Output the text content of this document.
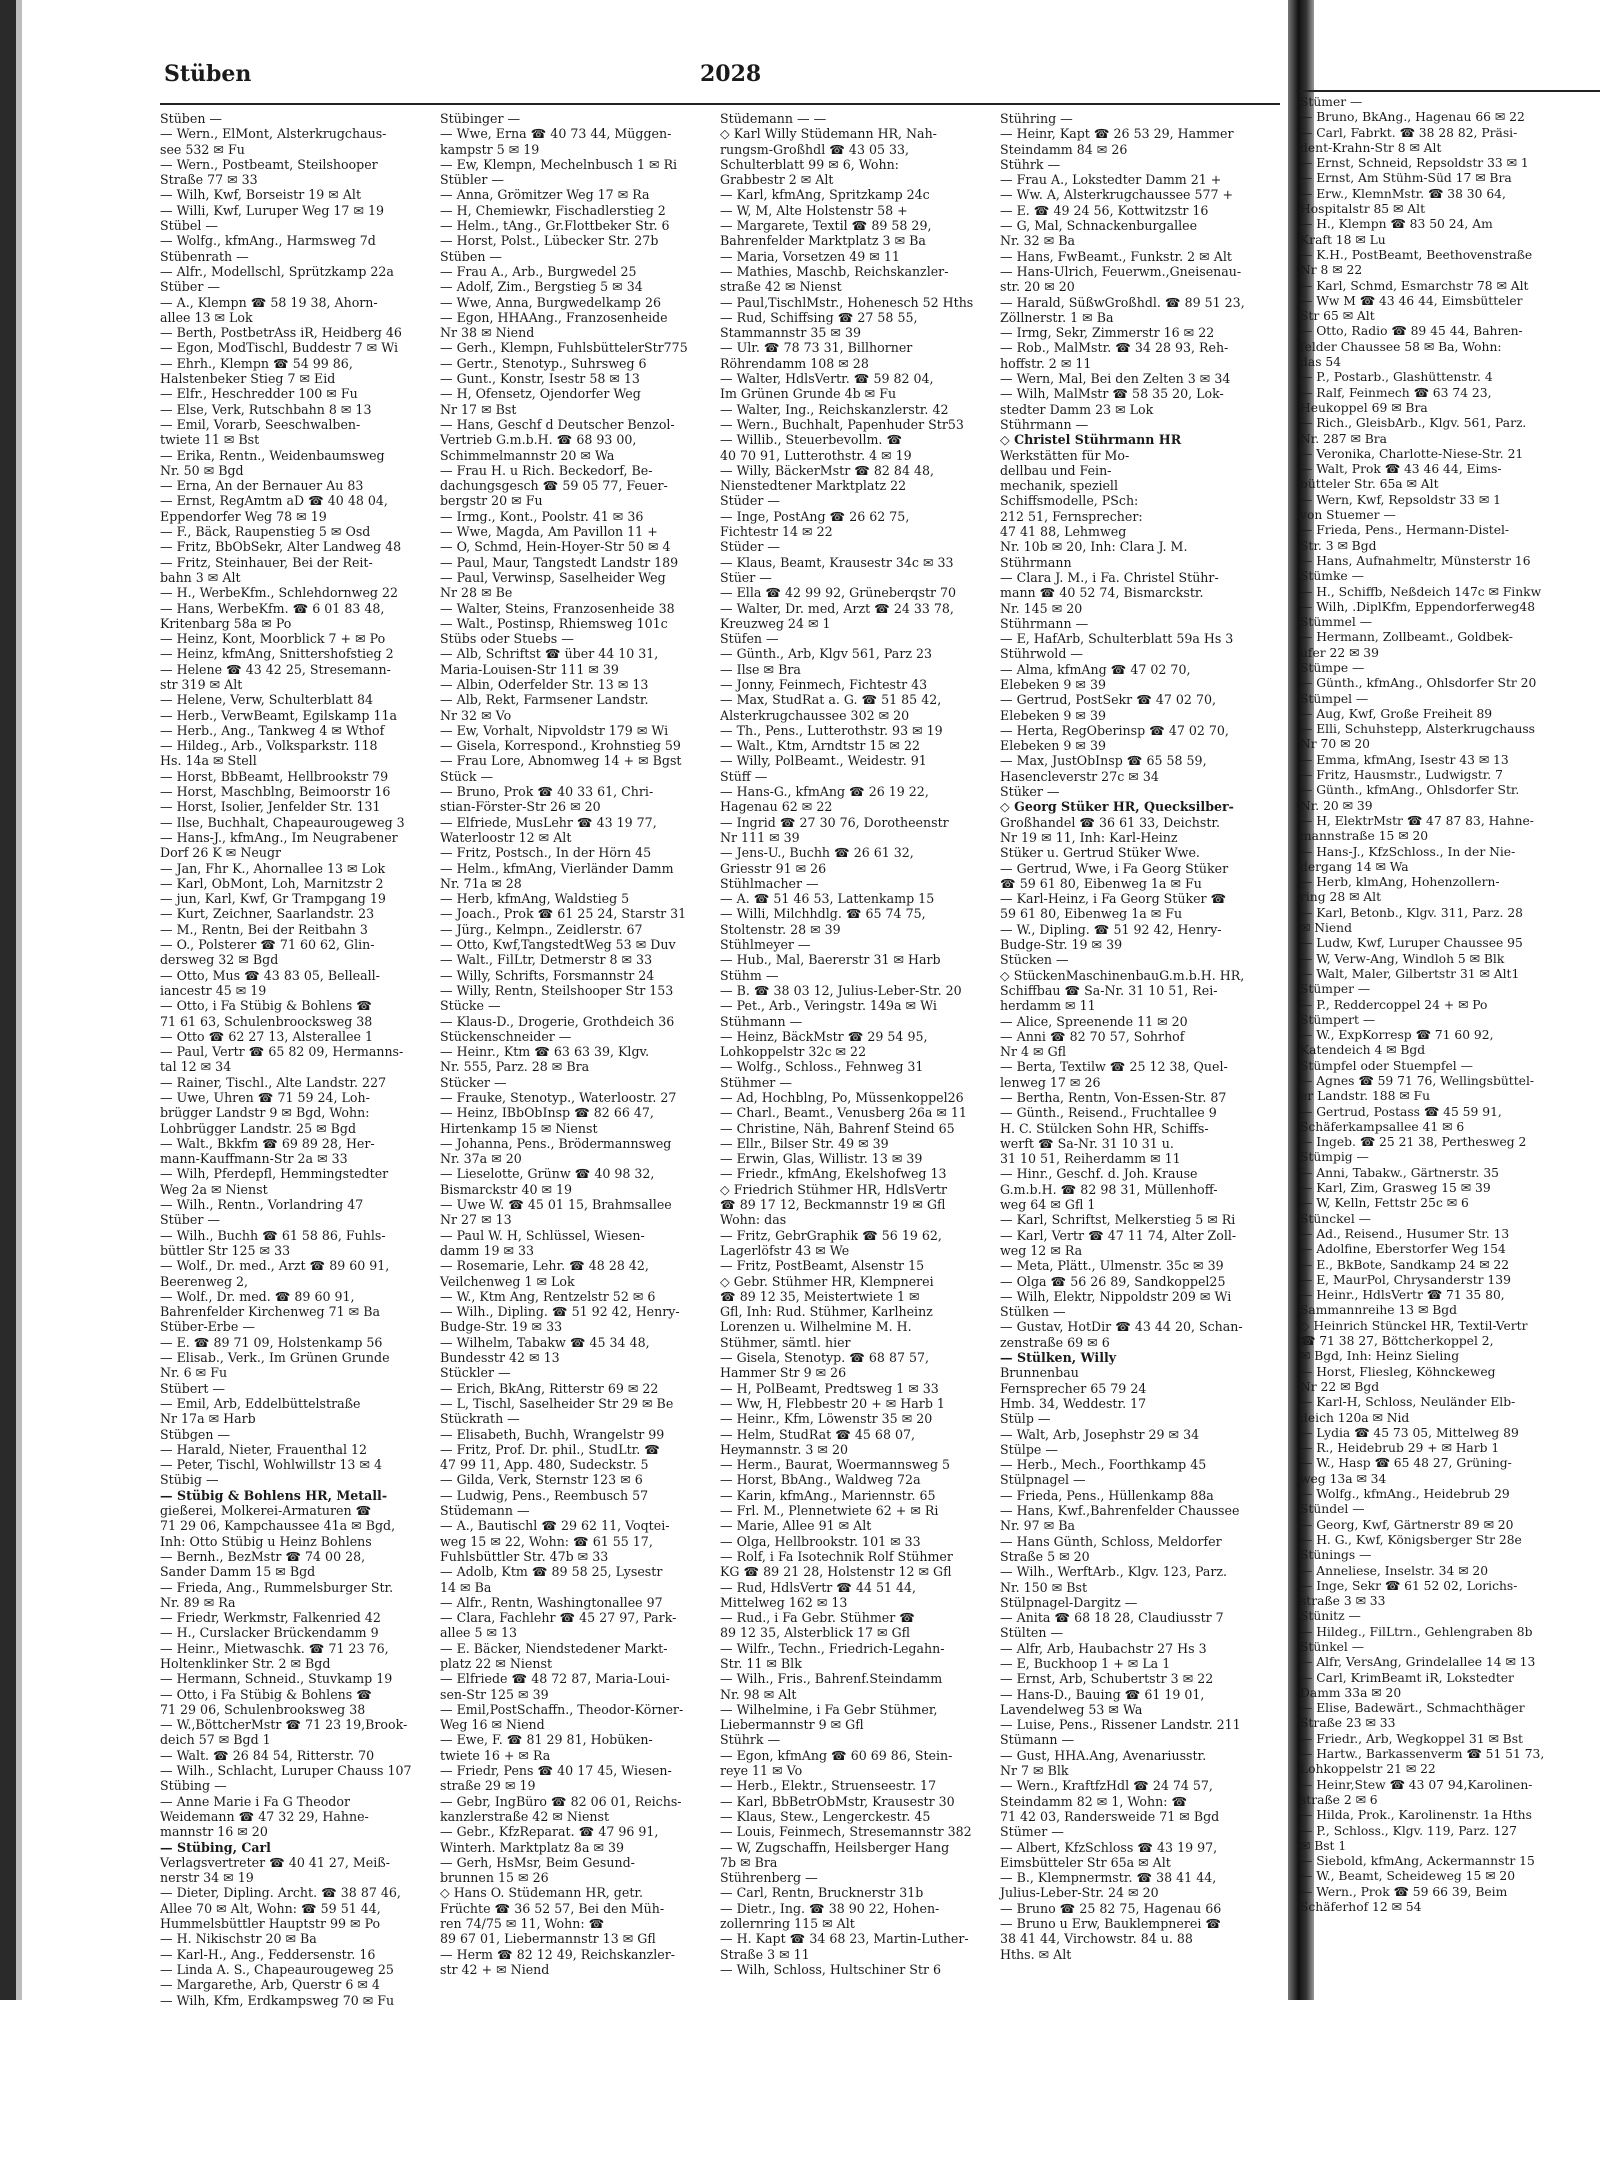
Stüben	2028
Stüben —
— Wern., ElMont, Alsterkrugchaus-
see 532 ✉ Fu
— Wern., Postbeamt, Steilshooper
Straße 77 ✉ 33
— Wilh, Kwf, Borseistr 19 ✉ Alt
— Willi, Kwf, Luruper Weg 17 ✉ 19
Stübel —
— Wolfg., kfmAng., Harmsweg 7d
Stübenrath —
— Alfr., Modellschl, Sprützkamp 22a
Stüber —
— A., Klempn ☎ 58 19 38, Ahorn-
allee 13 ✉ Lok
— Berth, PostbetrAss iR, Heidberg 46
— Egon, ModTischl, Buddestr 7 ✉ Wi
— Ehrh., Klempn ☎ 54 99 86,
Halstenbeker Stieg 7 ✉ Eid
— Elfr., Heschredder 100 ✉ Fu
— Else, Verk, Rutschbahn 8 ✉ 13
— Emil, Vorarb, Seeschwalben-
twiete 11 ✉ Bst
— Erika, Rentn., Weidenbaumsweg
Nr. 50 ✉ Bgd
— Erna, An der Bernauer Au 83
— Ernst, RegAmtm aD ☎ 40 48 04,
Eppendorfer Weg 78 ✉ 19
— F., Bäck, Raupenstieg 5 ✉ Osd
— Fritz, BbObSekr, Alter Landweg 48
— Fritz, Steinhauer, Bei der Reit-
bahn 3 ✉ Alt
— H., WerbeKfm., Schlehdornweg 22
— Hans, WerbeKfm. ☎ 6 01 83 48,
Kritenbarg 58a ✉ Po
— Heinz, Kont, Moorblick 7 + ✉ Po
— Heinz, kfmAng, Snittershofstieg 2
— Helene ☎ 43 42 25, Stresemann-
str 319 ✉ Alt
— Helene, Verw, Schulterblatt 84
— Herb., VerwBeamt, Egilskamp 11a
— Herb., Ang., Tankweg 4 ✉ Wthof
— Hildeg., Arb., Volksparkstr. 118
Hs. 14a ✉ Stell
— Horst, BbBeamt, Hellbrookstr 79
— Horst, Maschblng, Beimoorstr 16
— Horst, Isolier, Jenfelder Str. 131
— Ilse, Buchhalt, Chapeaurougeweg 3
— Hans-J., kfmAng., Im Neugrabener
Dorf 26 K ✉ Neugr
— Jan, Fhr K., Ahornallee 13 ✉ Lok
— Karl, ObMont, Loh, Marnitzstr 2
— jun, Karl, Kwf, Gr Trampgang 19
— Kurt, Zeichner, Saarlandstr. 23
— M., Rentn, Bei der Reitbahn 3
— O., Polsterer ☎ 71 60 62, Glin-
dersweg 32 ✉ Bgd
— Otto, Mus ☎ 43 83 05, Belleall-
iancestr 45 ✉ 19
— Otto, i Fa Stübig & Bohlens ☎
71 61 63, Schulenbroocksweg 38
— Otto ☎ 62 27 13, Alsterallee 1
— Paul, Vertr ☎ 65 82 09, Hermanns-
tal 12 ✉ 34
— Rainer, Tischl., Alte Landstr. 227
— Uwe, Uhren ☎ 71 59 24, Loh-
brügger Landstr 9 ✉ Bgd, Wohn:
Lohbrügger Landstr. 25 ✉ Bgd
— Walt., Bkkfm ☎ 69 89 28, Her-
mann-Kauffmann-Str 2a ✉ 33
— Wilh, Pferdepfl, Hemmingstedter
Weg 2a ✉ Nienst
— Wilh., Rentn., Vorlandring 47
Stüber —
— Wilh., Buchh ☎ 61 58 86, Fuhls-
büttler Str 125 ✉ 33
— Wolf., Dr. med., Arzt ☎ 89 60 91,
Beerenweg 2,
— Wolf., Dr. med. ☎ 89 60 91,
Bahrenfelder Kirchenweg 71 ✉ Ba
Stüber-Erbe —
— E. ☎ 89 71 09, Holstenkamp 56
— Elisab., Verk., Im Grünen Grunde
Nr. 6 ✉ Fu
Stübert —
— Emil, Arb, Eddelbüttelstraße
Nr 17a ✉ Harb
Stübgen —
— Harald, Nieter, Frauenthal 12
— Peter, Tischl, Wohlwillstr 13 ✉ 4
Stübig —
— Stübig & Bohlens HR, Metall-
gießerei, Molkerei-Armaturen ☎
71 29 06, Kampchaussee 41a ✉ Bgd,
Inh: Otto Stübig u Heinz Bohlens
— Bernh., BezMstr ☎ 74 00 28,
Sander Damm 15 ✉ Bgd
— Frieda, Ang., Rummelsburger Str.
Nr. 89 ✉ Ra
— Friedr, Werkmstr, Falkenried 42
— H., Curslacker Brückendamm 9
— Heinr., Mietwaschk. ☎ 71 23 76,
Holtenklinker Str. 2 ✉ Bgd
— Hermann, Schneid., Stuvkamp 19
— Otto, i Fa Stübig & Bohlens ☎
71 29 06, Schulenbrooksweg 38
— W.,BöttcherMstr ☎ 71 23 19,Brook-
deich 57 ✉ Bgd 1
— Walt. ☎ 26 84 54, Ritterstr. 70
— Wilh., Schlacht, Luruper Chauss 107
Stübing —
— Anne Marie i Fa G Theodor
Weidemann ☎ 47 32 29, Hahne-
mannstr 16 ✉ 20
— Stübing, Carl
Verlagsvertreter ☎ 40 41 27, Meiß-
nerstr 34 ✉ 19
— Dieter, Dipling. Archt. ☎ 38 87 46,
Allee 70 ✉ Alt, Wohn: ☎ 59 51 44,
Hummelsbüttler Hauptstr 99 ✉ Po
— H. Nikischstr 20 ✉ Ba
— Karl-H., Ang., Feddersenstr. 16
— Linda A. S., Chapeaurougeweg 25
— Margarethe, Arb, Querstr 6 ✉ 4
— Wilh, Kfm, Erdkampsweg 70 ✉ Fu
Stübinger —
— Wwe, Erna ☎ 40 73 44, Müggen-
kampstr 5 ✉ 19
— Ew, Klempn, Mechelnbusch 1 ✉ Ri
Stübler —
— Anna, Grömitzer Weg 17 ✉ Ra
— H, Chemiewkr, Fischadlerstieg 2
— Helm., tAng., Gr.Flottbeker Str. 6
— Horst, Polst., Lübecker Str. 27b
Stüben —
— Frau A., Arb., Burgwedel 25
— Adolf, Zim., Bergstieg 5 ✉ 34
— Wwe, Anna, Burgwedelkamp 26
— Egon, HHAAng., Franzosenheide
Nr 38 ✉ Niend
— Gerh., Klempn, FuhlsbüttelerStr775
— Gertr., Stenotyp., Suhrsweg 6
— Gunt., Konstr, Isestr 58 ✉ 13
— H, Ofensetz, Ojendorfer Weg
Nr 17 ✉ Bst
— Hans, Geschf d Deutscher Benzol-
Vertrieb G.m.b.H. ☎ 68 93 00,
Schimmelmannstr 20 ✉ Wa
— Frau H. u Rich. Beckedorf, Be-
dachungsgesch ☎ 59 05 77, Feuer-
bergstr 20 ✉ Fu
— Irmg., Kont., Poolstr. 41 ✉ 36
— Wwe, Magda, Am Pavillon 11 +
— O, Schmd, Hein-Hoyer-Str 50 ✉ 4
— Paul, Maur, Tangstedt Landstr 189
— Paul, Verwinsp, Saselheider Weg
Nr 28 ✉ Be
— Walter, Steins, Franzosenheide 38
— Walt., Postinsp, Rhiemsweg 101c
Stübs oder Stuebs —
— Alb, Schriftst ☎ über 44 10 31,
Maria-Louisen-Str 111 ✉ 39
— Albin, Oderfelder Str. 13 ✉ 13
— Alb, Rekt, Farmsener Landstr.
Nr 32 ✉ Vo
— Ew, Vorhalt, Nipvoldstr 179 ✉ Wi
— Gisela, Korrespond., Krohnstieg 59
— Frau Lore, Abnomweg 14 + ✉ Bgst
Stück —
— Bruno, Prok ☎ 40 33 61, Chri-
stian-Förster-Str 26 ✉ 20
— Elfriede, MusLehr ☎ 43 19 77,
Waterloostr 12 ✉ Alt
— Fritz, Postsch., In der Hörn 45
— Helm., kfmAng, Vierländer Damm
Nr. 71a ✉ 28
— Herb, kfmAng, Waldstieg 5
— Joach., Prok ☎ 61 25 24, Starstr 31
— Jürg., Kelmpn., Zeidlerstr. 67
— Otto, Kwf,TangstedtWeg 53 ✉ Duv
— Walt., FilLtr, Detmerstr 8 ✉ 33
— Willy, Schrifts, Forsmannstr 24
— Willy, Rentn, Steilshooper Str 153
Stücke —
— Klaus-D., Drogerie, Grothdeich 36
Stückenschneider —
— Heinr., Ktm ☎ 63 63 39, Klgv.
Nr. 555, Parz. 28 ✉ Bra
Stücker —
— Frauke, Stenotyp., Waterloostr. 27
— Heinz, IBbObInsp ☎ 82 66 47,
Hirtenkamp 15 ✉ Nienst
— Johanna, Pens., Brödermannsweg
Nr. 37a ✉ 20
— Lieselotte, Grünw ☎ 40 98 32,
Bismarckstr 40 ✉ 19
— Uwe W. ☎ 45 01 15, Brahmsallee
Nr 27 ✉ 13
— Paul W. H, Schlüssel, Wiesen-
damm 19 ✉ 33
— Rosemarie, Lehr. ☎ 48 28 42,
Veilchenweg 1 ✉ Lok
— W., Ktm Ang, Rentzelstr 52 ✉ 6
— Wilh., Dipling. ☎ 51 92 42, Henry-
Budge-Str. 19 ✉ 33
— Wilhelm, Tabakw ☎ 45 34 48,
Bundesstr 42 ✉ 13
Stückler —
— Erich, BkAng, Ritterstr 69 ✉ 22
— L, Tischl, Saselheider Str 29 ✉ Be
Stückrath —
— Elisabeth, Buchh, Wrangelstr 99
— Fritz, Prof. Dr. phil., StudLtr. ☎
47 99 11, App. 480, Sudeckstr. 5
— Gilda, Verk, Sternstr 123 ✉ 6
— Ludwig, Pens., Reembusch 57
Stüdemann —
— A., Bautischl ☎ 29 62 11, Voqtei-
weg 15 ✉ 22, Wohn: ☎ 61 55 17,
Fuhlsbüttler Str. 47b ✉ 33
— Adolb, Ktm ☎ 89 58 25, Lysestr
14 ✉ Ba
— Alfr., Rentn, Washingtonallee 97
— Clara, Fachlehr ☎ 45 27 97, Park-
allee 5 ✉ 13
— E. Bäcker, Niendstedener Markt-
platz 22 ✉ Nienst
— Elfriede ☎ 48 72 87, Maria-Loui-
sen-Str 125 ✉ 39
— Emil,PostSchaffn., Theodor-Körner-
Weg 16 ✉ Niend
— Ewe, F. ☎ 81 29 81, Hobüken-
twiete 16 + ✉ Ra
— Friedr, Pens ☎ 40 17 45, Wiesen-
straße 29 ✉ 19
— Gebr, IngBüro ☎ 82 06 01, Reichs-
kanzlerstraße 42 ✉ Nienst
— Gebr., KfzReparat. ☎ 47 96 91,
Winterh. Marktplatz 8a ✉ 39
— Gerh, HsMsr, Beim Gesund-
brunnen 15 ✉ 26
◇ Hans O. Stüdemann HR, getr.
Früchte ☎ 36 52 57, Bei den Müh-
ren 74/75 ✉ 11, Wohn: ☎
89 67 01, Liebermannstr 13 ✉ Gfl
— Herm ☎ 82 12 49, Reichskanzler-
str 42 + ✉ Niend
Stüdemann — —
◇ Karl Willy Stüdemann HR, Nah-
rungsm-Großhdl ☎ 43 05 33,
Schulterblatt 99 ✉ 6, Wohn:
Grabbestr 2 ✉ Alt
— Karl, kfmAng, Spritzkamp 24c
— W, M, Alte Holstenstr 58 +
— Margarete, Textil ☎ 89 58 29,
Bahrenfelder Marktplatz 3 ✉ Ba
— Maria, Vorsetzen 49 ✉ 11
— Mathies, Maschb, Reichskanzler-
straße 42 ✉ Nienst
— Paul,TischlMstr., Hohenesch 52 Hths
— Rud, Schiffsing ☎ 27 58 55,
Stammannstr 35 ✉ 39
— Ulr. ☎ 78 73 31, Billhorner
Röhrendamm 108 ✉ 28
— Walter, HdlsVertr. ☎ 59 82 04,
Im Grünen Grunde 4b ✉ Fu
— Walter, Ing., Reichskanzlerstr. 42
— Wern., Buchhalt, Papenhuder Str53
— Willib., Steuerbevollm. ☎
40 70 91, Lutterothstr. 4 ✉ 19
— Willy, BäckerMstr ☎ 82 84 48,
Nienstedtener Marktplatz 22
Stüder —
— Inge, PostAng ☎ 26 62 75,
Fichtestr 14 ✉ 22
Stüder —
— Klaus, Beamt, Krausestr 34c ✉ 33
Stüer —
— Ella ☎ 42 99 92, Grüneberqstr 70
— Walter, Dr. med, Arzt ☎ 24 33 78,
Kreuzweg 24 ✉ 1
Stüfen —
— Günth., Arb, Klgv 561, Parz 23
— Ilse ✉ Bra
— Jonny, Feinmech, Fichtestr 43
— Max, StudRat a. G. ☎ 51 85 42,
Alsterkrugchaussee 302 ✉ 20
— Th., Pens., Lutterothstr. 93 ✉ 19
— Walt., Ktm, Arndtstr 15 ✉ 22
— Willy, PolBeamt., Weidestr. 91
Stüff —
— Hans-G., kfmAng ☎ 26 19 22,
Hagenau 62 ✉ 22
— Ingrid ☎ 27 30 76, Dorotheenstr
Nr 111 ✉ 39
— Jens-U., Buchh ☎ 26 61 32,
Griesstr 91 ✉ 26
Stühlmacher —
— A. ☎ 51 46 53, Lattenkamp 15
— Willi, Milchhdlg. ☎ 65 74 75,
Stoltenstr. 28 ✉ 39
Stühlmeyer —
— Hub., Mal, Baererstr 31 ✉ Harb
Stühm —
— B. ☎ 38 03 12, Julius-Leber-Str. 20
— Pet., Arb., Veringstr. 149a ✉ Wi
Stühmann —
— Heinz, BäckMstr ☎ 29 54 95,
Lohkoppelstr 32c ✉ 22
— Wolfg., Schloss., Fehnweg 31
Stühmer —
— Ad, Hochblng, Po, Müssenkoppel26
— Charl., Beamt., Venusberg 26a ✉ 11
— Christine, Näh, Bahrenf Steind 65
— Ellr., Bilser Str. 49 ✉ 39
— Erwin, Glas, Willistr. 13 ✉ 39
— Friedr., kfmAng, Ekelshofweg 13
◇ Friedrich Stühmer HR, HdlsVertr
☎ 89 17 12, Beckmannstr 19 ✉ Gfl
Wohn: das
— Fritz, GebrGraphik ☎ 56 19 62,
Lagerlöfstr 43 ✉ We
— Fritz, PostBeamt, Alsenstr 15
◇ Gebr. Stühmer HR, Klempnerei
☎ 89 12 35, Meistertwiete 1 ✉
Gfl, Inh: Rud. Stühmer, Karlheinz
Lorenzen u. Wilhelmine M. H.
Stühmer, sämtl. hier
— Gisela, Stenotyp. ☎ 68 87 57,
Hammer Str 9 ✉ 26
— H, PolBeamt, Predtsweg 1 ✉ 33
— Ww, H, Flebbestr 20 + ✉ Harb 1
— Heinr., Kfm, Löwenstr 35 ✉ 20
— Helm, StudRat ☎ 45 68 07,
Heymannstr. 3 ✉ 20
— Herm., Baurat, Woermannsweg 5
— Horst, BbAng., Waldweg 72a
— Karin, kfmAng., Mariennstr. 65
— Frl. M., Plennetwiete 62 + ✉ Ri
— Marie, Allee 91 ✉ Alt
— Olga, Hellbrookstr. 101 ✉ 33
— Rolf, i Fa Isotechnik Rolf Stühmer
KG ☎ 89 21 28, Holstenstr 12 ✉ Gfl
— Rud, HdlsVertr ☎ 44 51 44,
Mittelweg 162 ✉ 13
— Rud., i Fa Gebr. Stühmer ☎
89 12 35, Alsterblick 17 ✉ Gfl
— Wilfr., Techn., Friedrich-Legahn-
Str. 11 ✉ Blk
— Wilh., Fris., Bahrenf.Steindamm
Nr. 98 ✉ Alt
— Wilhelmine, i Fa Gebr Stühmer,
Liebermannstr 9 ✉ Gfl
Stührk —
— Egon, kfmAng ☎ 60 69 86, Stein-
reye 11 ✉ Vo
— Herb., Elektr., Struenseestr. 17
— Karl, BbBetrObMstr, Krausestr 30
— Klaus, Stew., Lengerckestr. 45
— Louis, Feinmech, Stresemannstr 382
— W, Zugschaffn, Heilsberger Hang
7b ✉ Bra
Stührenberg —
— Carl, Rentn, Brucknerstr 31b
— Dietr., Ing. ☎ 38 90 22, Hohen-
zollernring 115 ✉ Alt
— H. Kapt ☎ 34 68 23, Martin-Luther-
Straße 3 ✉ 11
— Wilh, Schloss, Hultschiner Str 6
Stühring —
— Heinr, Kapt ☎ 26 53 29, Hammer
Steindamm 84 ✉ 26
Stührk —
— Frau A., Lokstedter Damm 21 +
— Ww. A, Alsterkrugchaussee 577 +
— E. ☎ 49 24 56, Kottwitzstr 16
— G, Mal, Schnackenburgallee
Nr. 32 ✉ Ba
— Hans, FwBeamt., Funkstr. 2 ✉ Alt
— Hans-Ulrich, Feuerwm.,Gneisenau-
str. 20 ✉ 20
— Harald, SüßwGroßhdl. ☎ 89 51 23,
Zöllnerstr. 1 ✉ Ba
— Irmg, Sekr, Zimmerstr 16 ✉ 22
— Rob., MalMstr. ☎ 34 28 93, Reh-
hoffstr. 2 ✉ 11
— Wern, Mal, Bei den Zelten 3 ✉ 34
— Wilh, MalMstr ☎ 58 35 20, Lok-
stedter Damm 23 ✉ Lok
Stührmann —
◇ Christel Stührmann HR
Werkstätten für Mo-
dellbau und Fein-
mechanik, speziell
Schiffsmodelle, PSch:
212 51, Fernsprecher:
47 41 88, Lehmweg
Nr. 10b ✉ 20, Inh: Clara J. M.
Stührmann
— Clara J. M., i Fa. Christel Stühr-
mann ☎ 40 52 74, Bismarckstr.
Nr. 145 ✉ 20
Stührmann —
— E, HafArb, Schulterblatt 59a Hs 3
Stührwold —
— Alma, kfmAng ☎ 47 02 70,
Elebeken 9 ✉ 39
— Gertrud, PostSekr ☎ 47 02 70,
Elebeken 9 ✉ 39
— Herta, RegOberinsp ☎ 47 02 70,
Elebeken 9 ✉ 39
— Max, JustObInsp ☎ 65 58 59,
Hasencleverstr 27c ✉ 34
Stüker —
◇ Georg Stüker HR, Quecksilber-
Großhandel ☎ 36 61 33, Deichstr.
Nr 19 ✉ 11, Inh: Karl-Heinz
Stüker u. Gertrud Stüker Wwe.
— Gertrud, Wwe, i Fa Georg Stüker
☎ 59 61 80, Eibenweg 1a ✉ Fu
— Karl-Heinz, i Fa Georg Stüker ☎
59 61 80, Eibenweg 1a ✉ Fu
— W., Dipling. ☎ 51 92 42, Henry-
Budge-Str. 19 ✉ 39
Stücken —
◇ StückenMaschinenbauG.m.b.H. HR,
Schiffbau ☎ Sa-Nr. 31 10 51, Rei-
herdamm ✉ 11
— Alice, Spreenende 11 ✉ 20
— Anni ☎ 82 70 57, Sohrhof
Nr 4 ✉ Gfl
— Berta, Textilw ☎ 25 12 38, Quel-
lenweg 17 ✉ 26
— Bertha, Rentn, Von-Essen-Str. 87
— Günth., Reisend., Fruchtallee 9
H. C. Stülcken Sohn HR, Schiffs-
werft ☎ Sa-Nr. 31 10 31 u.
31 10 51, Reiherdamm ✉ 11
— Hinr., Geschf. d. Joh. Krause
G.m.b.H. ☎ 82 98 31, Müllenhoff-
weg 64 ✉ Gfl 1
— Karl, Schriftst, Melkerstieg 5 ✉ Ri
— Karl, Vertr ☎ 47 11 74, Alter Zoll-
weg 12 ✉ Ra
— Meta, Plätt., Ulmenstr. 35c ✉ 39
— Olga ☎ 56 26 89, Sandkoppel25
— Wilh, Elektr, Nippoldstr 209 ✉ Wi
Stülken —
— Gustav, HotDir ☎ 43 44 20, Schan-
zenstraße 69 ✉ 6
— Stülken, Willy
Brunnenbau
Fernsprecher 65 79 24
Hmb. 34, Weddestr. 17
Stülp —
— Walt, Arb, Josephstr 29 ✉ 34
Stülpe —
— Herb., Mech., Foorthkamp 45
Stülpnagel —
— Frieda, Pens., Hüllenkamp 88a
— Hans, Kwf.,Bahrenfelder Chaussee
Nr. 97 ✉ Ba
— Hans Günth, Schloss, Meldorfer
Straße 5 ✉ 20
— Wilh., WerftArb., Klgv. 123, Parz.
Nr. 150 ✉ Bst
Stülpnagel-Dargitz —
— Anita ☎ 68 18 28, Claudiusstr 7
Stülten —
— Alfr, Arb, Haubachstr 27 Hs 3
— E, Buckhoop 1 + ✉ La 1
— Ernst, Arb, Schubertstr 3 ✉ 22
— Hans-D., Bauing ☎ 61 19 01,
Lavendelweg 53 ✉ Wa
— Luise, Pens., Rissener Landstr. 211
Stümann —
— Gust, HHA.Ang, Avenariusstr.
Nr 7 ✉ Blk
— Wern., KraftfzHdl ☎ 24 74 57,
Steindamm 82 ✉ 1, Wohn: ☎
71 42 03, Randersweide 71 ✉ Bgd
Stümer —
— Albert, KfzSchloss ☎ 43 19 97,
Eimsbütteler Str 65a ✉ Alt
— B., Klempnermstr. ☎ 38 41 44,
Julius-Leber-Str. 24 ✉ 20
— Bruno ☎ 25 82 75, Hagenau 66
— Bruno u Erw, Bauklempnerei ☎
38 41 44, Virchowstr. 84 u. 88
Hths. ✉ Alt
Stümer —
— Bruno, BkAng., Hagenau 66 ✉ 22
— Carl, Fabrkt. ☎ 38 28 82, Präsi-
dent-Krahn-Str 8 ✉ Alt
— Ernst, Schneid, Repsoldstr 33 ✉ 1
— Ernst, Am Stühm-Süd 17 ✉ Bra
— Erw., KlemnMstr. ☎ 38 30 64,
Hospitalstr 85 ✉ Alt
— H., Klempn ☎ 83 50 24, Am
Kraft 18 ✉ Lu
— K.H., PostBeamt, Beethovenstraße
Nr 8 ✉ 22
— Karl, Schmd, Esmarchstr 78 ✉ Alt
— Ww M ☎ 43 46 44, Eimsbütteler
Str 65 ✉ Alt
— Otto, Radio ☎ 89 45 44, Bahren-
felder Chaussee 58 ✉ Ba, Wohn:
das 54
— P., Postarb., Glashüttenstr. 4
— Ralf, Feinmech ☎ 63 74 23,
Heukoppel 69 ✉ Bra
— Rich., GleisbArb., Klgv. 561, Parz.
Nr. 287 ✉ Bra
— Veronika, Charlotte-Niese-Str. 21
— Walt, Prok ☎ 43 46 44, Eims-
bütteler Str. 65a ✉ Alt
— Wern, Kwf, Repsoldstr 33 ✉ 1
von Stuemer —
— Frieda, Pens., Hermann-Distel-
Str. 3 ✉ Bgd
— Hans, Aufnahmeltr, Münsterstr 16
Stümke —
— H., Schiffb, Neßdeich 147c ✉ Finkw
— Wilh, .DiplKfm, Eppendorferweg48
Stümmel —
— Hermann, Zollbeamt., Goldbek-
ufer 22 ✉ 39
Stümpe —
— Günth., kfmAng., Ohlsdorfer Str 20
Stümpel —
— Aug, Kwf, Große Freiheit 89
— Elli, Schuhstepp, Alsterkrugchauss
Nr 70 ✉ 20
— Emma, kfmAng, Isestr 43 ✉ 13
— Fritz, Hausmstr., Ludwigstr. 7
— Günth., kfmAng., Ohlsdorfer Str.
Nr. 20 ✉ 39
— H, ElektrMstr ☎ 47 87 83, Hahne-
mannstraße 15 ✉ 20
— Hans-J., KfzSchloss., In der Nie-
dergang 14 ✉ Wa
— Herb, klmAng, Hohenzollern-
ring 28 ✉ Alt
— Karl, Betonb., Klgv. 311, Parz. 28
✉ Niend
— Ludw, Kwf, Luruper Chaussee 95
— W, Verw-Ang, Windloh 5 ✉ Blk
— Walt, Maler, Gilbertstr 31 ✉ Alt1
Stümper —
— P., Reddercoppel 24 + ✉ Po
Stümpert —
— W., ExpKorresp ☎ 71 60 92,
Katendeich 4 ✉ Bgd
Stümpfel oder Stuempfel —
— Agnes ☎ 59 71 76, Wellingsbüttel-
er Landstr. 188 ✉ Fu
— Gertrud, Postass ☎ 45 59 91,
Schäferkampsallee 41 ✉ 6
— Ingeb. ☎ 25 21 38, Perthesweg 2
Stümpig —
— Anni, Tabakw., Gärtnerstr. 35
— Karl, Zim, Grasweg 15 ✉ 39
— W, Kelln, Fettstr 25c ✉ 6
Stünckel —
— Ad., Reisend., Husumer Str. 13
— Adolfine, Eberstorfer Weg 154
— E., BkBote, Sandkamp 24 ✉ 22
— E, MaurPol, Chrysanderstr 139
— Heinr., HdlsVertr ☎ 71 35 80,
Sammannreihe 13 ✉ Bgd
◇ Heinrich Stünckel HR, Textil-Vertr
☎ 71 38 27, Böttcherkoppel 2,
✉ Bgd, Inh: Heinz Sieling
— Horst, Fliesleg, Köhnckeweg
Nr 22 ✉ Bgd
— Karl-H, Schloss, Neuländer Elb-
deich 120a ✉ Nid
— Lydia ☎ 45 73 05, Mittelweg 89
— R., Heidebrub 29 + ✉ Harb 1
— W., Hasp ☎ 65 48 27, Grüning-
weg 13a ✉ 34
— Wolfg., kfmAng., Heidebrub 29
Stündel —
— Georg, Kwf, Gärtnerstr 89 ✉ 20
— H. G., Kwf, Königsberger Str 28e
Stünings —
— Anneliese, Inselstr. 34 ✉ 20
— Inge, Sekr ☎ 61 52 02, Lorichs-
straße 3 ✉ 33
Stünitz —
— Hildeg., FilLtrn., Gehlengraben 8b
Stünkel —
— Alfr, VersAng, Grindelallee 14 ✉ 13
— Carl, KrimBeamt iR, Lokstedter
Damm 33a ✉ 20
— Elise, Badewärt., Schmachthäger
Straße 23 ✉ 33
— Friedr., Arb, Wegkoppel 31 ✉ Bst
— Hartw., Barkassenverm ☎ 51 51 73,
Lohkoppelstr 21 ✉ 22
— Heinr,Stew ☎ 43 07 94,Karolinen-
straße 2 ✉ 6
— Hilda, Prok., Karolinenstr. 1a Hths
— P., Schloss., Klgv. 119, Parz. 127
✉ Bst 1
— Siebold, kfmAng, Ackermannstr 15
— W., Beamt, Scheideweg 15 ✉ 20
— Wern., Prok ☎ 59 66 39, Beim
Schäferhof 12 ✉ 54
